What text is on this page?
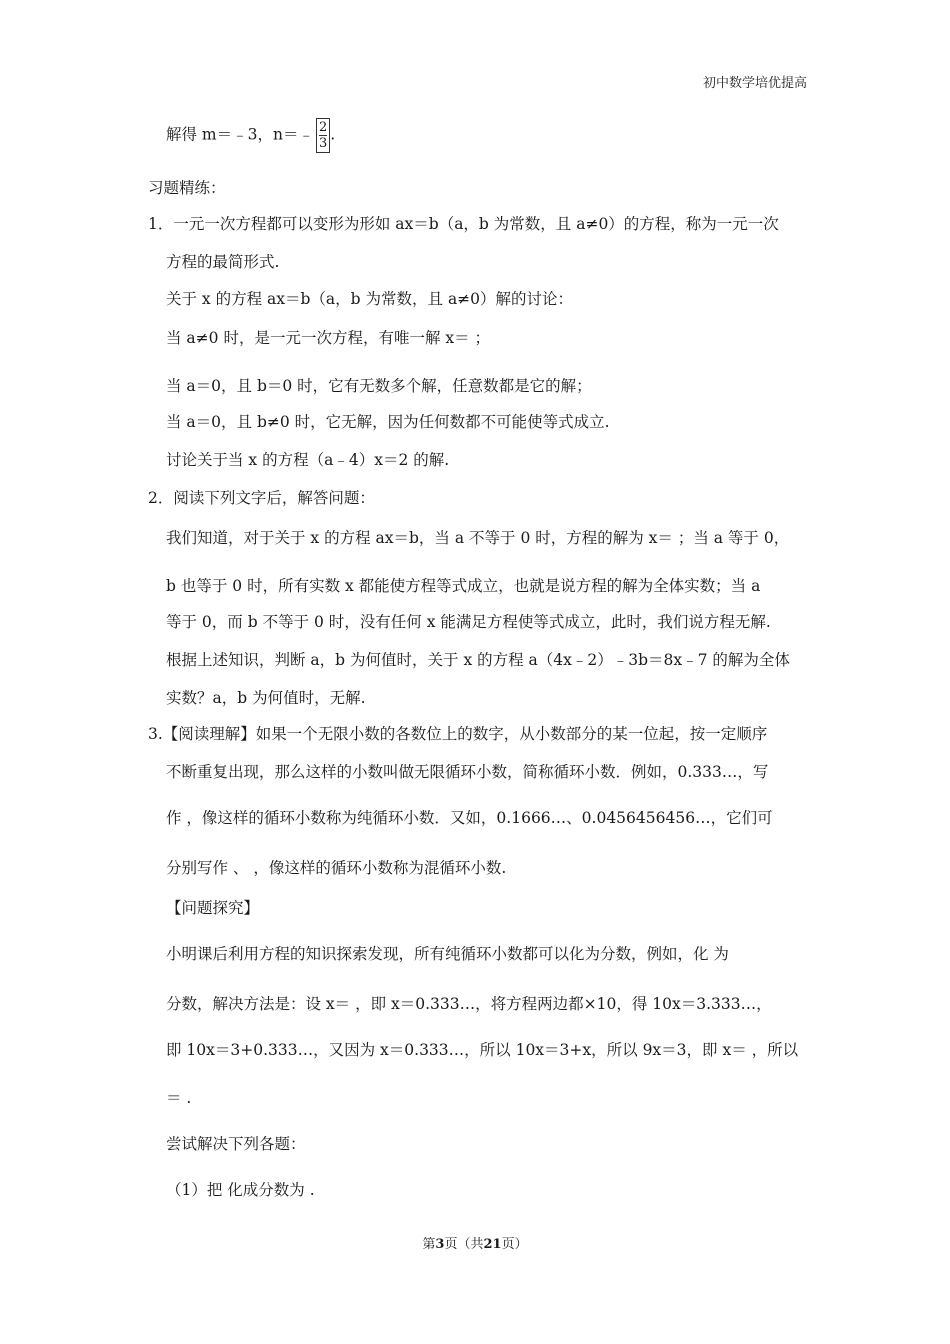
初中数学培优提高
解得 m＝﹣3，n＝﹣ $\frac{2}{3}$ .
习题精练：
1．一元一次方程都可以变形为形如 ax＝b（a，b 为常数，且 a≠0）的方程，称为一元一次
方程的最简形式.
关于 x 的方程 ax＝b（a，b 为常数，且 a≠0）解的讨论：
当 a≠0 时，是一元一次方程，有唯一解 x＝ ；
当 a＝0，且 b＝0 时，它有无数多个解，任意数都是它的解；
当 a＝0，且 b≠0 时，它无解，因为任何数都不可能使等式成立.
讨论关于当 x 的方程（a﹣4）x＝2 的解.
2．阅读下列文字后，解答问题：
我们知道，对于关于 x 的方程 ax＝b，当 a 不等于 0 时，方程的解为 x＝ ；当 a 等于 0，
b 也等于 0 时，所有实数 x 都能使方程等式成立，也就是说方程的解为全体实数；当 a
等于 0，而 b 不等于 0 时，没有任何 x 能满足方程使等式成立，此时，我们说方程无解.
根据上述知识，判断 a，b 为何值时，关于 x 的方程 a（4x﹣2）﹣3b＝8x﹣7 的解为全体
实数？a，b 为何值时，无解.
3.【阅读理解】如果一个无限小数的各数位上的数字，从小数部分的某一位起，按一定顺序
不断重复出现，那么这样的小数叫做无限循环小数，简称循环小数．例如，0.333…，写
作 ，像这样的循环小数称为纯循环小数．又如，0.1666…、0.0456456456…，它们可
分别写作 、 ，像这样的循环小数称为混循环小数.
【问题探究】
小明课后利用方程的知识探索发现，所有纯循环小数都可以化为分数，例如，化 为
分数，解决方法是：设 x＝ ，即 x＝0.333…，将方程两边都×10，得 10x＝3.333…，
即 10x＝3+0.333…，又因为 x＝0.333…，所以 10x＝3+x，所以 9x＝3，即 x＝ ，所以
＝ .
尝试解决下列各题：
（1）把 化成分数为 .
第3页（共21页）
